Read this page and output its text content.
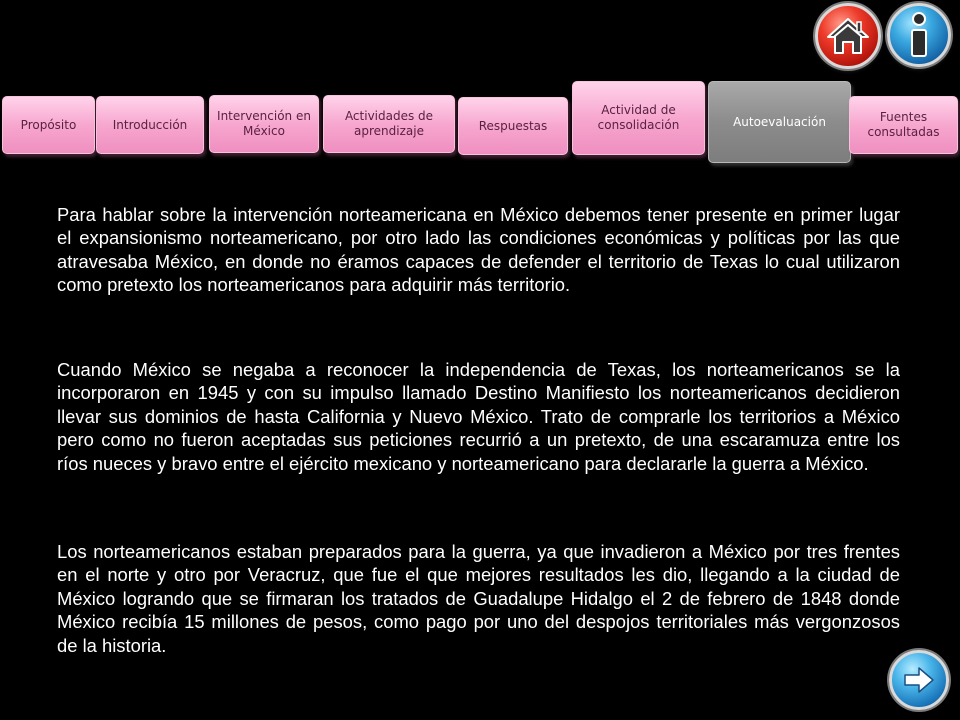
Propósito	Introducción
Intervención en México
Actividades de aprendizaje	Respuestas
Actividad de consolidación	Autoevaluación	Fuentes consultadas

Para hablar sobre la intervención norteamericana en México debemos tener presente en primer lugar el expansionismo norteamericano, por otro lado las condiciones económicas y políticas por las que atravesaba México, en donde no éramos capaces de defender el territorio de Texas lo cual utilizaron como pretexto los norteamericanos para adquirir más territorio.

Cuando México se negaba a reconocer la independencia de Texas, los norteamericanos se la incorporaron en 1945 y con su impulso llamado Destino Manifiesto los norteamericanos decidieron llevar sus dominios de hasta California y Nuevo México. Trato de comprarle los territorios a México pero como no fueron aceptadas sus peticiones recurrió a un pretexto, de una escaramuza entre los ríos nueces y bravo entre el ejército mexicano y norteamericano para declararle la guerra a México.

Los norteamericanos estaban preparados para la guerra, ya que invadieron a México por tres frentes en el norte y otro por Veracruz, que fue el que mejores resultados les dio, llegando a la ciudad de México logrando que se firmaran los tratados de Guadalupe Hidalgo el 2 de febrero de 1848 donde México recibía 15 millones de pesos, como pago por uno del despojos territoriales más vergonzosos de la historia.
